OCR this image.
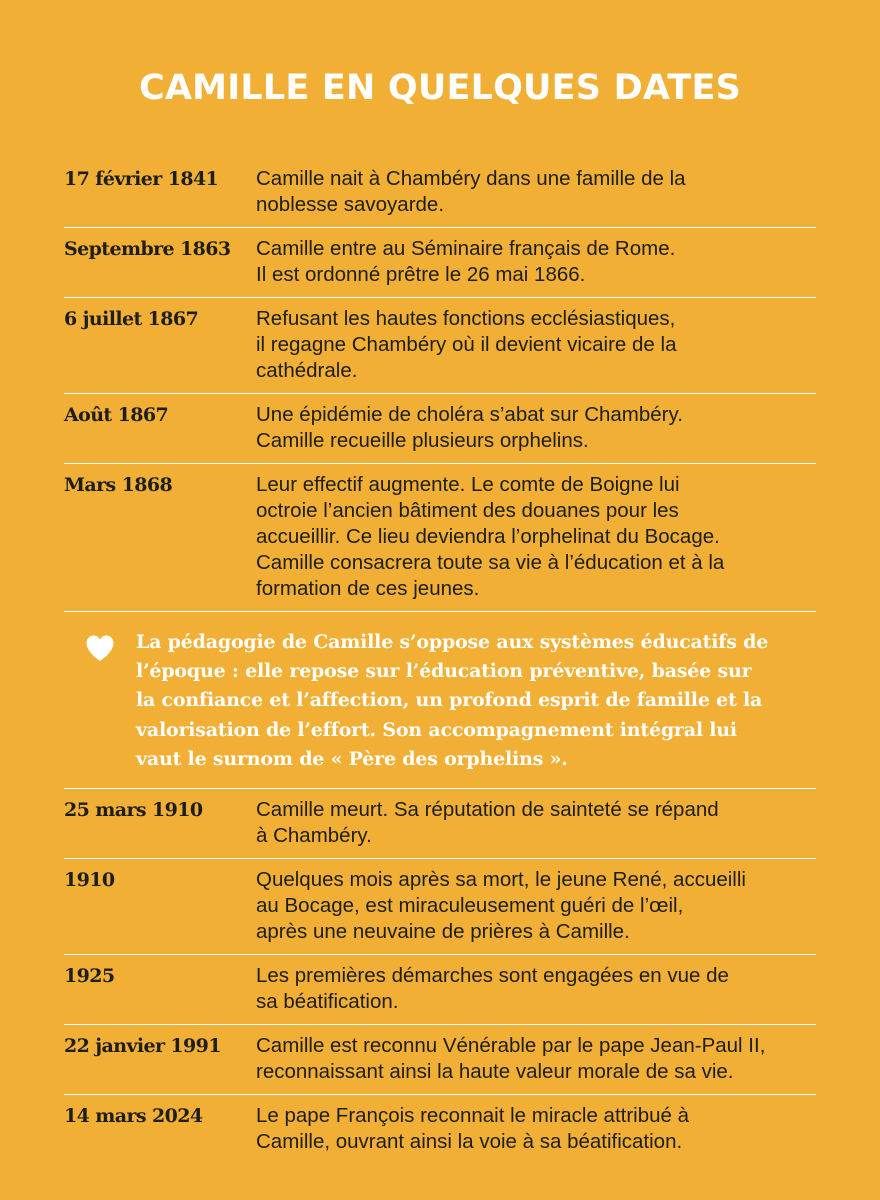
CAMILLE EN QUELQUES DATES
17 février 1841	Camille nait à Chambéry dans une famille de la
noblesse savoyarde.
Septembre 1863	Camille entre au Séminaire français de Rome.
Il est ordonné prêtre le 26 mai 1866.
6 juillet 1867	Refusant les hautes fonctions ecclésiastiques,
il regagne Chambéry où il devient vicaire de la
cathédrale.
Août 1867	Une épidémie de choléra s’abat sur Chambéry.
Camille recueille plusieurs orphelins.
Mars 1868	Leur effectif augmente. Le comte de Boigne lui
octroie l’ancien bâtiment des douanes pour les
accueillir. Ce lieu deviendra l’orphelinat du Bocage.
Camille consacrera toute sa vie à l’éducation et à la
formation de ces jeunes.
La pédagogie de Camille s’oppose aux systèmes éducatifs de
l’époque : elle repose sur l’éducation préventive, basée sur
la confiance et l’affection, un profond esprit de famille et la
valorisation de l’effort. Son accompagnement intégral lui
vaut le surnom de « Père des orphelins ».
25 mars 1910	Camille meurt. Sa réputation de sainteté se répand
à Chambéry.
1910	Quelques mois après sa mort, le jeune René, accueilli
au Bocage, est miraculeusement guéri de l’œil,
après une neuvaine de prières à Camille.
1925	Les premières démarches sont engagées en vue de
sa béatification.
22 janvier 1991	Camille est reconnu Vénérable par le pape Jean-Paul II,
reconnaissant ainsi la haute valeur morale de sa vie.
14 mars 2024	Le pape François reconnait le miracle attribué à
Camille, ouvrant ainsi la voie à sa béatification.
